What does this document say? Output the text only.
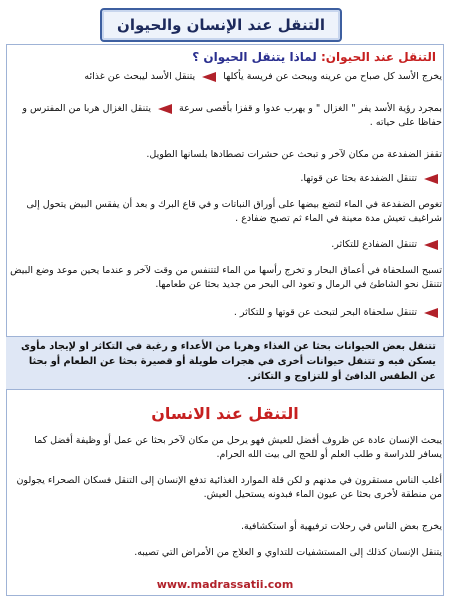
التنقل عند الإنسان والحيوان
التنقل عند الحيوان: لماذا يتنقل الحيوان ؟

يخرج الأسد كل صباح من عرينه ويبحث عن فريسة يأكلها  يتنقل الأسد ليبحث عن غذائه

بمجرد رؤية الأسد يفر " الغزال " و يهرب عدوا و قفزا بأقصى سرعة  يتنقل الغزال هربا من المفترس و حفاظا على حياته .

تقفز الضفدعة من مكان لآخر و تبحث عن حشرات تصطادها بلسانها الطويل.

تتنقل الضفدعة بحثا عن قوتها.

تغوص الضفدعة في الماء لتضع بيضها على أوراق النباتات و في قاع البرك و بعد أن يفقس البيض يتحول إلى شراغيف تعيش مدة معينة في الماء ثم تصبح ضفادع .

تتنقل الضفادع للتكاثر.

تسبح السلحفاة في أعماق البحار و تخرج رأسها من الماء لتتنفس من وقت لآخر و عندما يحين موعد وضع البيض تتنقل نحو الشاطئ في الرمال و تعود الى البحر من جديد بحثا عن طعامها.

تتنقل سلحفاة البحر لتبحث عن قوتها و للتكاثر .

تتنقل بعض الحيوانات بحثا عن الغذاء وهربا من الأعداء و رغبة في التكاثر او لإيجاد مأوى يسكن فيه و تتنقل حيوانات أخرى في هجرات طويلة أو قصيرة بحثا عن الطعام أو بحثا عن الطقس الدافئ أو للتزاوج و التكاثر.

التنقل عند الانسان

يبحث الإنسان عادة عن ظروف أفضل للعيش فهو يرحل من مكان لآخر بحثا عن عمل أو وظيفة أفضل كما يسافر للدراسة و طلب العلم أو للحج الى بيت الله الحرام.

أغلب الناس مستقرون في مدنهم و لكن قلة الموارد الغذائية تدفع الإنسان إلى التنقل فسكان الصحراء يجولون من منطقة لأخرى بحثا عن عيون الماء فبدونه يستحيل العيش.

يخرج بعض الناس في رحلات ترفيهية أو استكشافية.

يتنقل الإنسان كذلك إلى المستشفيات للتداوي و العلاج من الأمراض التي تصيبه.

www.madrassatii.com
